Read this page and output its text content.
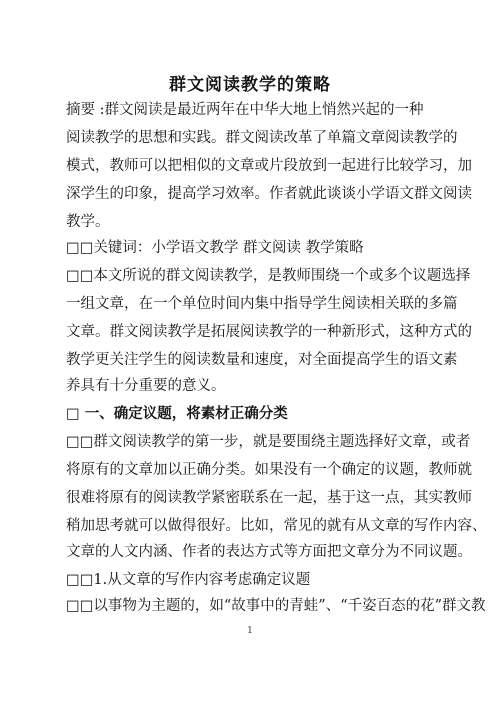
群文阅读教学的策略
摘要 :群文阅读是最近两年在中华大地上悄然兴起的一种
阅读教学的思想和实践。群文阅读改革了单篇文章阅读教学的
模式，教师可以把相似的文章或片段放到一起进行比较学习，加
深学生的印象，提高学习效率。作者就此谈谈小学语文群文阅读
教学。
□□关键词：小学语文教学 群文阅读 教学策略
□□本文所说的群文阅读教学，是教师围绕一个或多个议题选择
一组文章，在一个单位时间内集中指导学生阅读相关联的多篇
文章。群文阅读教学是拓展阅读教学的一种新形式，这种方式的
教学更关注学生的阅读数量和速度，对全面提高学生的语文素
养具有十分重要的意义。
□ 一、确定议题，将素材正确分类
□□群文阅读教学的第一步，就是要围绕主题选择好文章，或者
将原有的文章加以正确分类。如果没有一个确定的议题，教师就
很难将原有的阅读教学紧密联系在一起，基于这一点，其实教师
稍加思考就可以做得很好。比如，常见的就有从文章的写作内容、
文章的人文内涵、作者的表达方式等方面把文章分为不同议题。
□□1.从文章的写作内容考虑确定议题
□□以事物为主题的，如“故事中的青蛙”、“千姿百态的花”群文教
1
